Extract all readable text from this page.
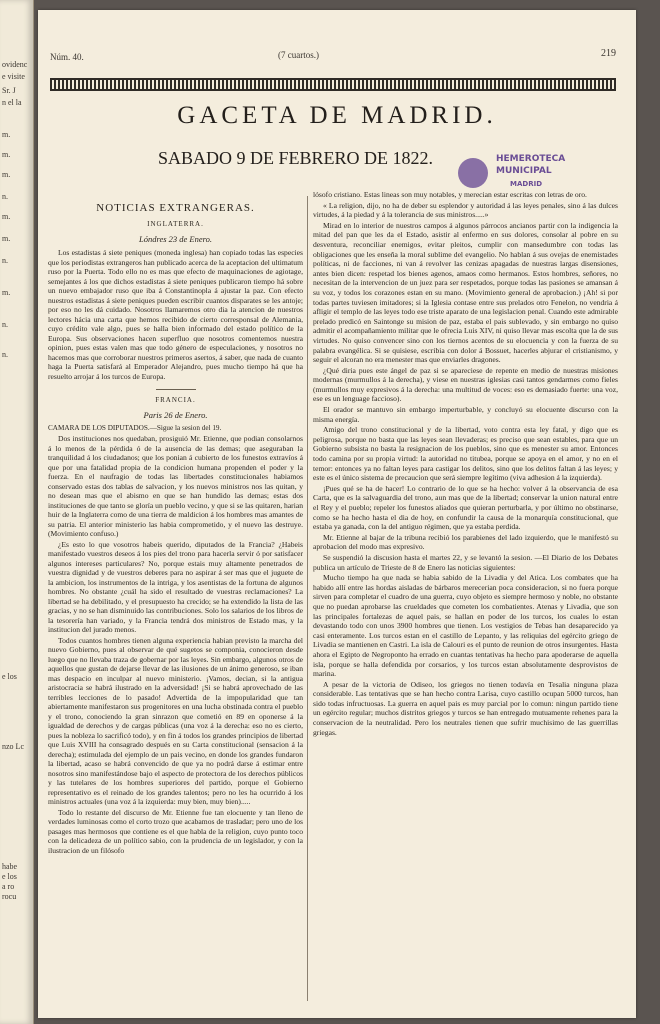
ovidenc
e visite
Sr. J
n el la
m.
m.
m.
n.
m.
m.
n.
m.
n.
n.
e los
nzo Lc
habe
e los
a ro
rocu
Núm. 40.	(7 cuartos.)	219
GACETA DE MADRID.
SABADO 9 DE FEBRERO DE 1822.	HEMEROTECA
MUNICIPAL
MADRID
NOTICIAS EXTRANGERAS.
INGLATERRA.
Lóndres 23 de Enero.

Los estadistas á siete peniques (moneda inglesa) han copiado todas las especies que los periodistas extrangeros han publicado acerca de la aceptacion del ultimatum ruso por la Puerta. Todo ello no es mas que efecto de maquinaciones de agiotage, semejantes á los que dichos estadistas á siete peniques publicaron tiempo há sobre un nuevo embajador ruso que iba á Constantinopla á ajustar la paz. Con efecto nuestros estadistas á siete peniques pueden escribir cuantos disparates se les antoje; por eso no les dá cuidado. Nosotros llamaremos otro dia la atencion de nuestros lectores hácia una carta que hemos recibido de cierto corresponsal de Alemania, cuyo crédito vale algo, pues se halla bien informado del estado político de la Europa. Sus observaciones hacen superfluo que nosotros comentemos nuestra opinion, pues estas valen mas que todo género de especulaciones, y nosotros no hacemos mas que corroborar nuestros primeros asertos, á saber, que nada de cuanto haga la Puerta satisfará al Emperador Alejandro, pues mucho tiempo há que ha resuelto arrojar á los turcos de Europa.

FRANCIA.
Paris 26 de Enero.
CAMARA DE LOS DIPUTADOS.—Sigue la sesion del 19.

Dos instituciones nos quedaban, prosiguió Mr. Etienne, que podian consolarnos á lo menos de la pérdida ó de la ausencia de las demas; que aseguraban la tranquilidad á los ciudadanos; que los ponian á cubierto de los funestos extravíos á que por una fatalidad propia de la condicion humana propenden el poder y la fuerza. En el naufragio de todas las libertades constitucionales habiamos conservado estas dos tablas de salvacion, y los nuevos ministros nos las quitan, y no desean mas que el abismo en que se han hundido las demas; estas dos instituciones de que tanto se gloría un pueblo vecino, y que si se las quitaren, harian huir de la Inglaterra como de una tierra de maldicion á los hombres mas amantes de su patria. El anterior ministerio las habia comprometido, y el nuevo las destruye. (Movimiento confuso.)

¿Es esto lo que vosotros habeis querido, diputados de la Francia? ¿Habeis manifestado vuestros deseos á los pies del trono para hacerla servir ó por satisfacer algunos intereses particulares? No, porque estais muy altamente penetrados de vuestra dignidad y de vuestros deberes para no aspirar á ser mas que el juguete de la ambicion, los instrumentos de la intriga, y los asentistas de la fortuna de algunos hombres. No obstante ¿cuál ha sido el resultado de vuestras reclamaciones? La libertad se ha debilitado, y el presupuesto ha crecido; se ha extendido la lista de las gracias, y no se han disminuido las contribuciones. Solo los salarios de los libros de la tesorería han variado, y la Francia tendrá dos ministros de Estado mas, y la institucion del jurado menos.

Todos cuantos hombres tienen alguna experiencia habian previsto la marcha del nuevo Gobierno, pues al observar de qué sugetos se componia, conocieron desde luego que no llevaba traza de gobernar por las leyes. Sin embargo, algunos otros de aquellos que gustan de dejarse llevar de las ilusiones de un ánimo generoso, se iban mas despacio en inculpar al nuevo ministerio. ¡Vamos, decian, si la antigua aristocracia se habrá ilustrado en la adversidad! ¡Si se habrá aprovechado de las terribles lecciones de lo pasado! Advertida de la impopularidad que tan abiertamente manifestaron sus progenitores en una lucha obstinada contra el pueblo y el trono, conociendo la gran sinrazon que cometió en 89 en oponerse á la igualdad de derechos y de cargas públicas (una voz á la derecha: eso no es cierto, pues la nobleza lo sacrificó todo), y en fin á todos los grandes principios de libertad que Luis XVIII ha consagrado después en su Carta constitucional (sensacion á la derecha); estimulada del ejemplo de un pais vecino, en donde los grandes fundaron la libertad, acaso se habrá convencido de que ya no podrá darse á estimar entre nosotros sino manifestándose bajo el aspecto de protectora de los derechos públicos y las tutelares de los hombres superiores del partido, porque el Gobierno representativo es el reinado de los grandes talentos; pero no les ha ocurrido á los ministros actuales (una voz á la izquierda: muy bien, muy bien).....

Todo lo restante del discurso de Mr. Etienne fue tan elocuente y tan lleno de verdades luminosas como el corto trozo que acabamos de trasladar; pero uno de los pasages mas hermosos que contiene es el que habla de la religion, cuyo punto toco con la delicadeza de un político sabio, con la prudencia de un legislador, y con la ilustracion de un filósofo

lósofo cristiano. Estas lineas son muy notables, y merecian estar escritas con letras de oro.

« La religion, dijo, no ha de deber su esplendor y autoridad á las leyes penales, sino á las dulces virtudes, á la piedad y á la tolerancia de sus ministros.....»

Mirad en lo interior de nuestros campos á algunos párrocos ancianos partir con la indigencia la mitad del pan que les da el Estado, asistir al enfermo en sus dolores, consolar al pobre en su desventura, reconciliar enemigos, evitar pleitos, cumplir con mansedumbre con todas las obligaciones que les enseña la moral sublime del evangelio. No hablan á sus ovejas de enemistades políticas, ni de facciones, ni van á revolver las cenizas apagadas de nuestras largas disensiones, antes bien dicen: respetad los bienes agenos, amaos como hermanos. Estos hombres, señores, no necesitan de la intervencion de un juez para ser respetados, porque todas las pasiones se amansan á su voz, y todos los corazones estan en su mano. (Movimiento general de aprobacion.) ¡Ah! si por todas partes tuviesen imitadores; si la Iglesia contase entre sus prelados otro Fenelon, no vendria á afligir el templo de las leyes todo ese triste aparato de una legislacion penal. Cuando este admirable prelado predicó en Saintonge su mision de paz, estaba el pais sublevado, y sin embargo no quiso admitir el acompañamiento militar que le ofrecia Luis XIV, ni quiso llevar mas escolta que la de sus virtudes. No quiso convencer sino con los tiernos acentos de su elocuencia y con la fuerza de su palabra evangélica. Si se quisiese, escribia con dolor á Bossuet, hacerles abjurar el cristianismo, y seguir el alcoran no era menester mas que enviarles dragones.

¿Qué diria pues este ángel de paz si se apareciese de repente en medio de nuestras misiones modernas (murmullos á la derecha), y viese en nuestras iglesias casi tantos gendarmes como fieles (murmullos muy expresivos á la derecha: una multitud de voces: eso es demasiado fuerte: una voz, ese es un lenguage faccioso).

El orador se mantuvo sin embargo imperturbable, y concluyó su elocuente discurso con la misma energía.

Amigo del trono constitucional y de la libertad, voto contra esta ley fatal, y digo que es peligrosa, porque no basta que las leyes sean llevaderas; es preciso que sean estables, para que un Gobierno subsista no basta la resignacion de los pueblos, sino que es menester su amor. Entonces todo camina por su propia virtud: la autoridad no titubea, porque se apoya en el amor, y no en el temor: entonces ya no faltan leyes para castigar los delitos, sino que los delitos faltan á las leyes; y este es el único sistema de precaucion que será siempre legítimo (viva adhesion á la izquierda).

¡Pues qué se ha de hacer! Lo contrario de lo que se ha hecho: volver á la observancia de esa Carta, que es la salvaguardia del trono, aun mas que de la libertad; conservar la union natural entre el Rey y el pueblo; repeler los funestos aliados que quieran perturbarla, y por último no obstinarse, como se ha hecho hasta el dia de hoy, en confundir la causa de la monarquía constitucional, que estaba ya ganada, con la del antiguo régimen, que ya estaba perdida.

Mr. Etienne al bajar de la tribuna recibió los parabienes del lado izquierdo, que le manifestó su aprobacion del modo mas expresivo.

Se suspendió la discusion hasta el martes 22, y se levantó la sesion. —El Diario de los Debates publica un artículo de Trieste de 8 de Enero las noticias siguientes:

Mucho tiempo ha que nada se habia sabido de la Livadia y del Atica. Los combates que ha habido allí entre las hordas aisladas de bárbaros merecerian poca consideracion, si no fuera porque sirven para completar el cuadro de una guerra, cuyo objeto es siempre hermoso y noble, no obstante que no puedan aprobarse las crueldades que cometen los combatientes. Atenas y Livadia, que son las principales fortalezas de aquel pais, se hallan en poder de los turcos, los cuales lo estan devastando todo con unos 3900 hombres que tienen. Los vestigios de Tebas han desaparecido ya casi enteramente. Los turcos estan en el castillo de Lepanto, y las reliquias del egército griego de Livadia se mantienen en Castri. La isla de Calouri es el punto de reunion de otros insurgentes. Hasta ahora el Egipto de Negroponto ha errado en cuantas tentativas ha hecho para apoderarse de aquella isla, porque se halla defendida por corsarios, y los turcos estan absolutamente desprovistos de marina.

A pesar de la victoria de Odiseo, los griegos no tienen todavía en Tesalia ninguna plaza considerable. Las tentativas que se han hecho contra Larisa, cuyo castillo ocupan 5000 turcos, han sido todas infructuosas. La guerra en aquel pais es muy parcial por lo comun: ningun partido tiene un egército regular; muchos distritos griegos y turcos se han entregado mutuamente rehenes para la conservacion de la neutralidad. Pero los neutrales tienen que sufrir muchisimo de las guerrillas griegas.
